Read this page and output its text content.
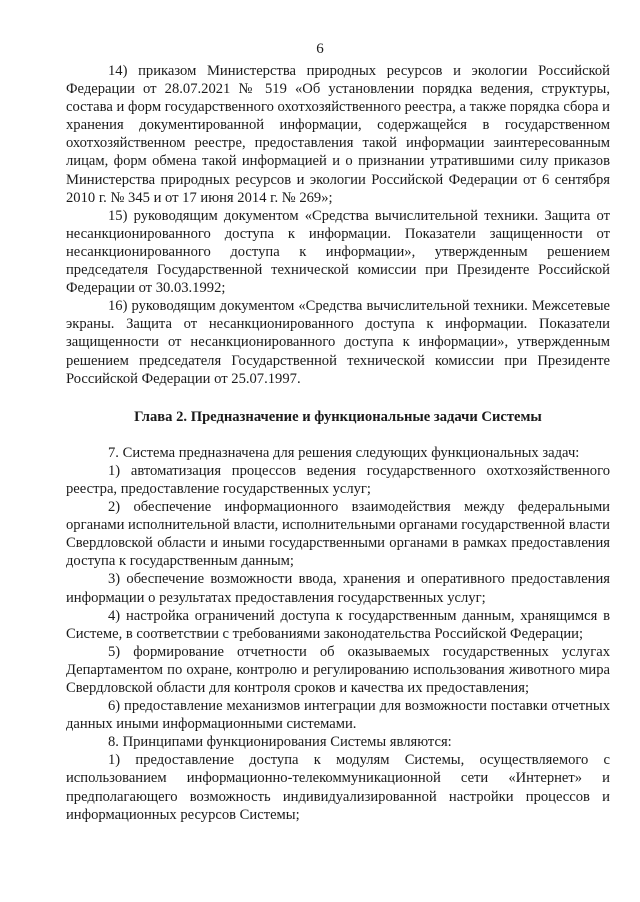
6

14) приказом Министерства природных ресурсов и экологии Российской Федерации от 28.07.2021 № 519 «Об установлении порядка ведения, структуры, состава и форм государственного охотхозяйственного реестра, а также порядка сбора и хранения документированной информации, содержащейся в государственном охотхозяйственном реестре, предоставления такой информации заинтересованным лицам, форм обмена такой информацией и о признании утратившими силу приказов Министерства природных ресурсов и экологии Российской Федерации от 6 сентября 2010 г. № 345 и от 17 июня 2014 г. № 269»;

15) руководящим документом «Средства вычислительной техники. Защита от несанкционированного доступа к информации. Показатели защищенности от несанкционированного доступа к информации», утвержденным решением председателя Государственной технической комиссии при Президенте Российской Федерации от 30.03.1992;

16) руководящим документом «Средства вычислительной техники. Межсетевые экраны. Защита от несанкционированного доступа к информации. Показатели защищенности от несанкционированного доступа к информации», утвержденным решением председателя Государственной технической комиссии при Президенте Российской Федерации от 25.07.1997.

Глава 2. Предназначение и функциональные задачи Системы

7. Система предназначена для решения следующих функциональных задач:

1) автоматизация процессов ведения государственного охотхозяйственного реестра, предоставление государственных услуг;

2) обеспечение информационного взаимодействия между федеральными органами исполнительной власти, исполнительными органами государственной власти Свердловской области и иными государственными органами в рамках предоставления доступа к государственным данным;

3) обеспечение возможности ввода, хранения и оперативного предоставления информации о результатах предоставления государственных услуг;

4) настройка ограничений доступа к государственным данным, хранящимся в Системе, в соответствии с требованиями законодательства Российской Федерации;

5) формирование отчетности об оказываемых государственных услугах Департаментом по охране, контролю и регулированию использования животного мира Свердловской области для контроля сроков и качества их предоставления;

6) предоставление механизмов интеграции для возможности поставки отчетных данных иными информационными системами.

8. Принципами функционирования Системы являются:

1) предоставление доступа к модулям Системы, осуществляемого с использованием информационно-телекоммуникационной сети «Интернет» и предполагающего возможность индивидуализированной настройки процессов и информационных ресурсов Системы;
